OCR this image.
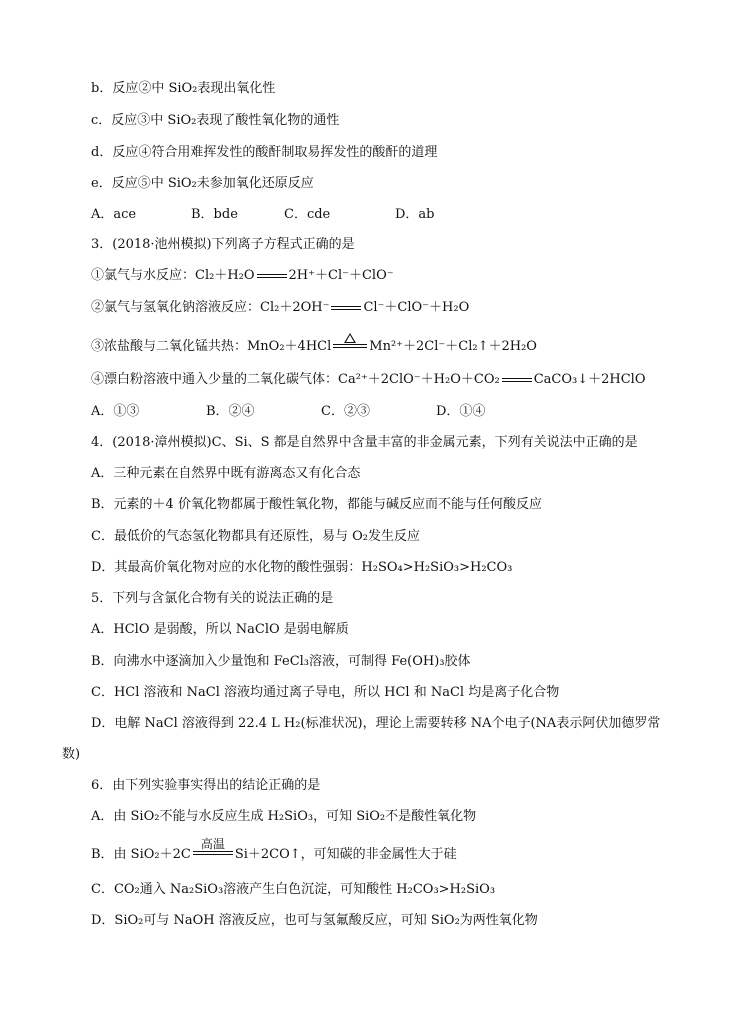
b．反应②中 SiO₂表现出氧化性
c．反应③中 SiO₂表现了酸性氧化物的通性
d．反应④符合用难挥发性的酸酐制取易挥发性的酸酐的道理
e．反应⑤中 SiO₂未参加氧化还原反应
A．ace	B．bde	C．cde	D．ab
3．(2018·池州模拟)下列离子方程式正确的是
①氯气与水反应：Cl₂＋H₂O	2H⁺＋Cl⁻＋ClO⁻
②氯气与氢氧化钠溶液反应：Cl₂＋2OH⁻	Cl⁻＋ClO⁻＋H₂O
③浓盐酸与二氧化锰共热：MnO₂＋4HCl	Mn²⁺＋2Cl⁻＋Cl₂↑＋2H₂O
④漂白粉溶液中通入少量的二氧化碳气体：Ca²⁺＋2ClO⁻＋H₂O＋CO₂	CaCO₃↓＋2HClO
A．①③	B．②④	C．②③	D．①④
4．(2018·漳州模拟)C、Si、S 都是自然界中含量丰富的非金属元素，下列有关说法中正确的是
A．三种元素在自然界中既有游离态又有化合态
B．元素的＋4 价氧化物都属于酸性氧化物，都能与碱反应而不能与任何酸反应
C．最低价的气态氢化物都具有还原性，易与 O₂发生反应
D．其最高价氧化物对应的水化物的酸性强弱：H₂SO₄>H₂SiO₃>H₂CO₃
5．下列与含氯化合物有关的说法正确的是
A．HClO 是弱酸，所以 NaClO 是弱电解质
B．向沸水中逐滴加入少量饱和 FeCl₃溶液，可制得 Fe(OH)₃胶体
C．HCl 溶液和 NaCl 溶液均通过离子导电，所以 HCl 和 NaCl 均是离子化合物
D．电解 NaCl 溶液得到 22.4 L H₂(标准状况)，理论上需要转移 NA个电子(NA表示阿伏加德罗常
数)
6．由下列实验事实得出的结论正确的是
A．由 SiO₂不能与水反应生成 H₂SiO₃，可知 SiO₂不是酸性氧化物
B．由 SiO₂＋2C
高温
Si＋2CO↑，可知碳的非金属性大于硅
C．CO₂通入 Na₂SiO₃溶液产生白色沉淀，可知酸性 H₂CO₃>H₂SiO₃
D．SiO₂可与 NaOH 溶液反应，也可与氢氟酸反应，可知 SiO₂为两性氧化物
